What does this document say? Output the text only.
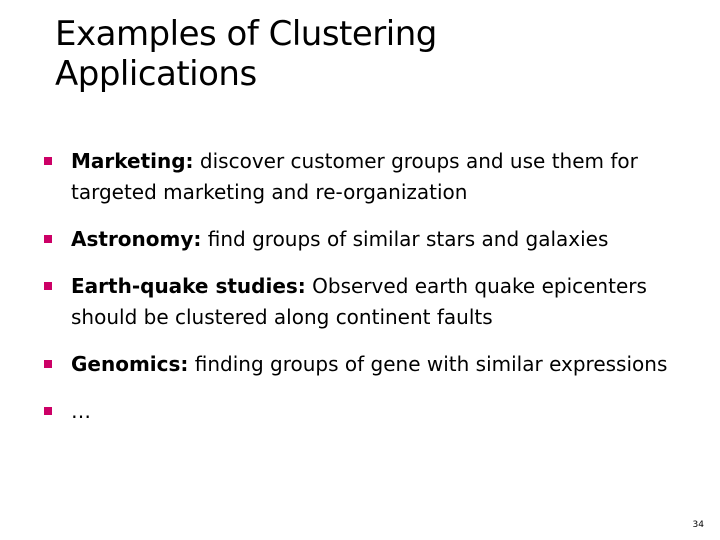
Examples of Clustering
Applications
Marketing: discover customer groups and use them for targeted marketing and re-organization
Astronomy: find groups of similar stars and galaxies
Earth-quake studies: Observed earth quake epicenters should be clustered along continent faults
Genomics: finding groups of gene with similar expressions
…
34
